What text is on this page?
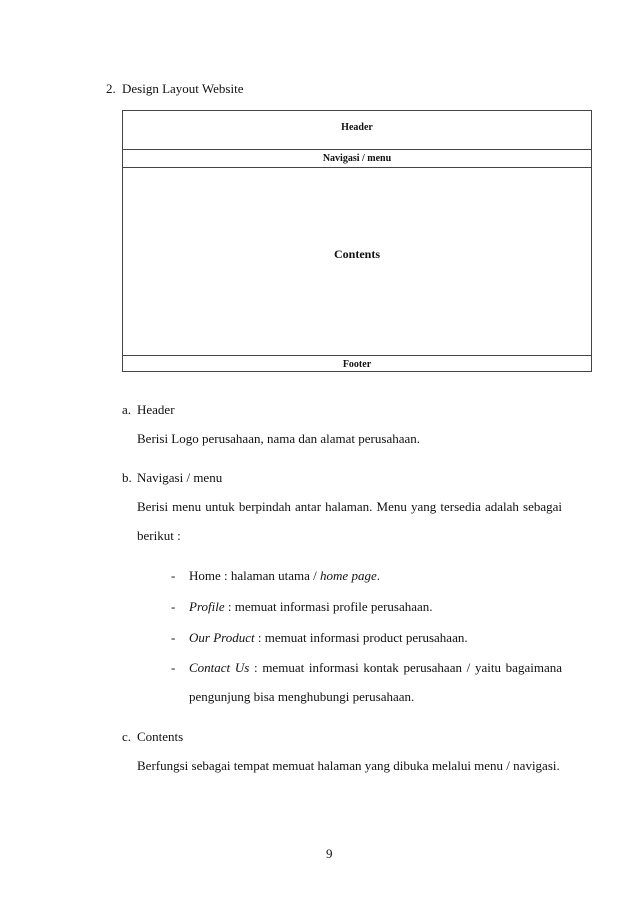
2. Design Layout Website
Header
Navigasi / menu
Contents
Footer
a. Header
Berisi Logo perusahaan, nama dan alamat perusahaan.
b. Navigasi / menu
Berisi menu untuk berpindah antar halaman. Menu yang tersedia adalah sebagai
berikut :
- Home : halaman utama / home page.
- Profile : memuat informasi profile perusahaan.
- Our Product : memuat informasi product perusahaan.
- Contact Us : memuat informasi kontak perusahaan / yaitu bagaimana
pengunjung bisa menghubungi perusahaan.
c. Contents
Berfungsi sebagai tempat memuat halaman yang dibuka melalui menu / navigasi.
9
